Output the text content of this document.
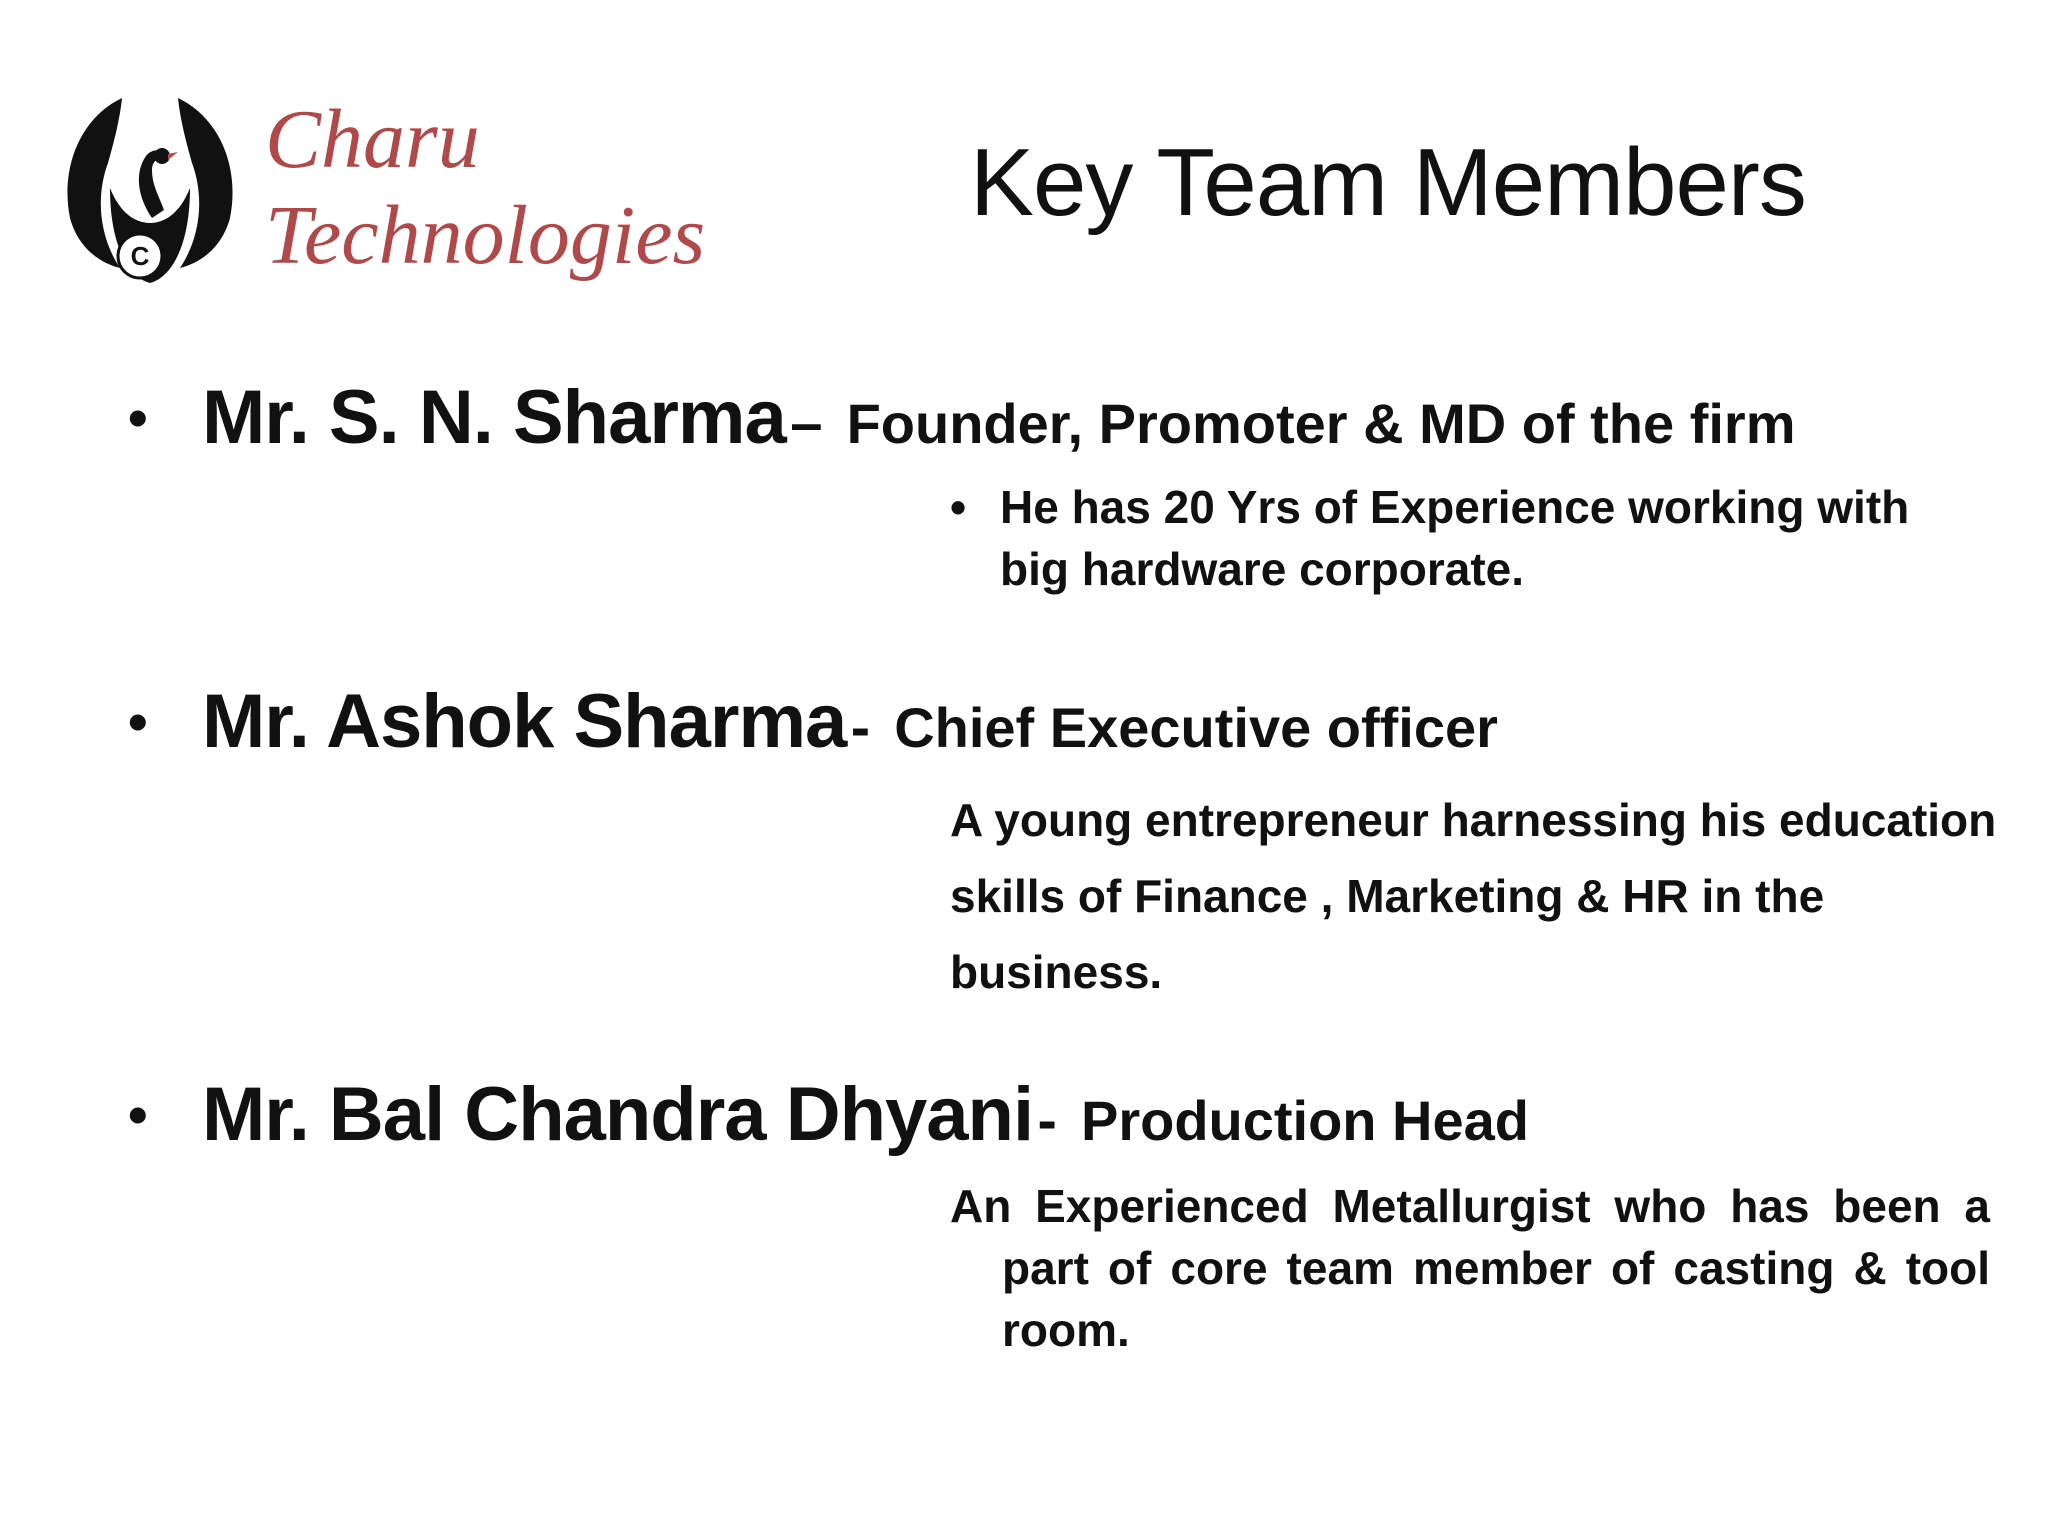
C
Charu
Technologies	Key Team Members
• Mr. S. N. Sharma – Founder, Promoter & MD of the firm

• He has 20 Yrs of Experience working with big hardware corporate.

• Mr. Ashok Sharma - Chief Executive officer

A young entrepreneur harnessing his education skills of Finance , Marketing & HR in the business.

• Mr. Bal Chandra Dhyani - Production Head

An Experienced Metallurgist who has been a part of core team member of casting & tool room.
